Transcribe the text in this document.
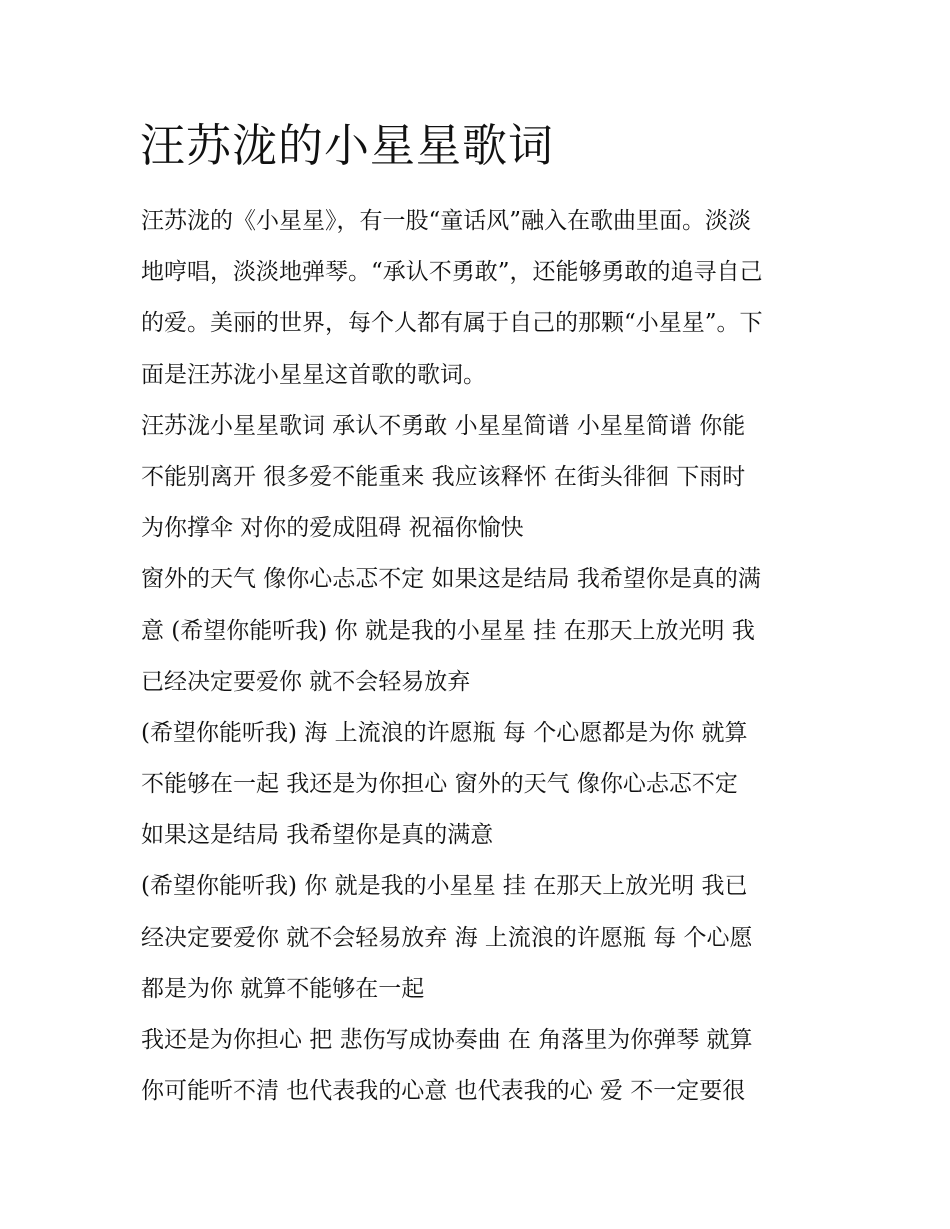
汪苏泷的小星星歌词

汪苏泷的《小星星》，有一股“童话风”融入在歌曲里面。淡淡
地哼唱，淡淡地弹琴。“承认不勇敢”，还能够勇敢的追寻自己
的爱。美丽的世界，每个人都有属于自己的那颗“小星星”。下
面是汪苏泷小星星这首歌的歌词。

汪苏泷小星星歌词 承认不勇敢 小星星简谱 小星星简谱 你能
不能别离开 很多爱不能重来 我应该释怀 在街头徘徊 下雨时
为你撑伞 对你的爱成阻碍 祝福你愉快

窗外的天气 像你心忐忑不定 如果这是结局 我希望你是真的满
意 (希望你能听我) 你 就是我的小星星 挂 在那天上放光明 我
已经决定要爱你 就不会轻易放弃

(希望你能听我) 海 上流浪的许愿瓶 每 个心愿都是为你 就算
不能够在一起 我还是为你担心 窗外的天气 像你心忐忑不定
如果这是结局 我希望你是真的满意

(希望你能听我) 你 就是我的小星星 挂 在那天上放光明 我已
经决定要爱你 就不会轻易放弃 海 上流浪的许愿瓶 每 个心愿
都是为你 就算不能够在一起

我还是为你担心 把 悲伤写成协奏曲 在 角落里为你弹琴 就算
你可能听不清 也代表我的心意 也代表我的心 爱 不一定要很
